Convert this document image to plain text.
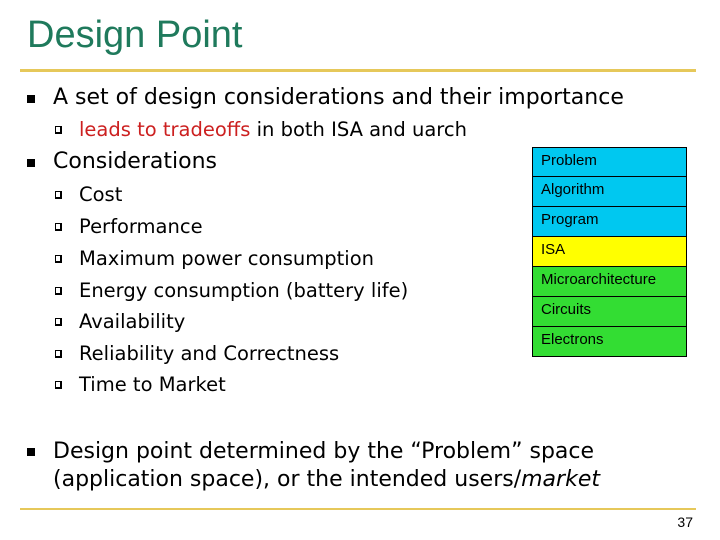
Design Point
A set of design considerations and their importance
leads to tradeoffs in both ISA and uarch
Considerations
Cost
Performance
Maximum power consumption
Energy consumption (battery life)
Availability
Reliability and Correctness
Time to Market
Problem
Algorithm
Program
ISA
Microarchitecture
Circuits
Electrons
Design point determined by the “Problem” space
(application space), or the intended users/market
37
